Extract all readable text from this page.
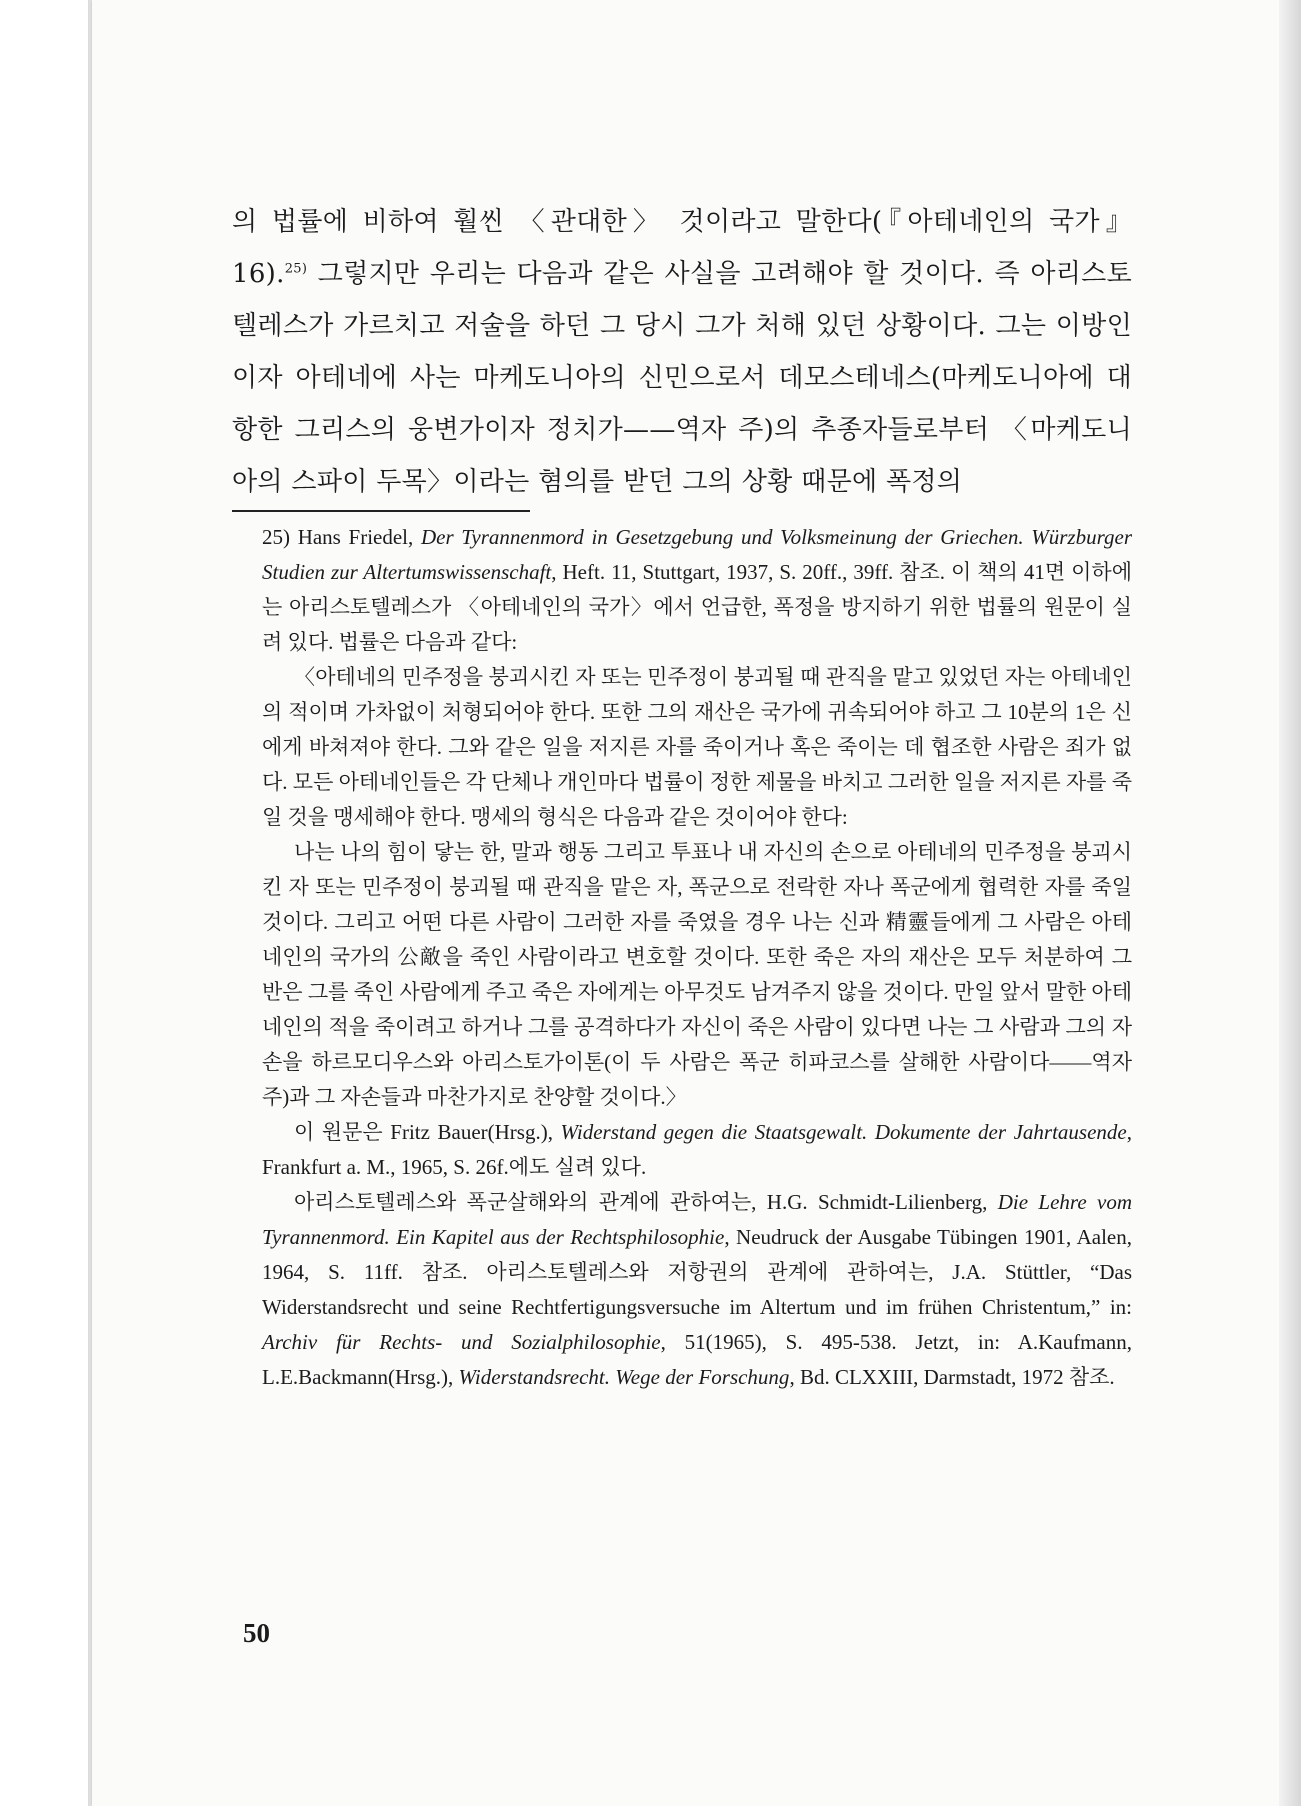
의 법률에 비하여 훨씬 〈관대한〉 것이라고 말한다(『아테네인의 국가』 16).$^{25)}$ 그렇지만 우리는 다음과 같은 사실을 고려해야 할 것이다. 즉 아리스토텔레스가 가르치고 저술을 하던 그 당시 그가 처해 있던 상황이다. 그는 이방인이자 아테네에 사는 마케도니아의 신민으로서 데모스테네스(마케도니아에 대항한 그리스의 웅변가이자 정치가——역자 주)의 추종자들로부터 〈마케도니아의 스파이 두목〉이라는 혐의를 받던 그의 상황 때문에 폭정의

25) Hans Friedel, Der Tyrannenmord in Gesetzgebung und Volksmeinung der Griechen. Würzburger Studien zur Altertumswissenschaft, Heft. 11, Stuttgart, 1937, S. 20ff., 39ff. 참조. 이 책의 41면 이하에는 아리스토텔레스가 〈아테네인의 국가〉에서 언급한, 폭정을 방지하기 위한 법률의 원문이 실려 있다. 법률은 다음과 같다:

〈아테네의 민주정을 붕괴시킨 자 또는 민주정이 붕괴될 때 관직을 맡고 있었던 자는 아테네인의 적이며 가차없이 처형되어야 한다. 또한 그의 재산은 국가에 귀속되어야 하고 그 10분의 1은 신에게 바쳐져야 한다. 그와 같은 일을 저지른 자를 죽이거나 혹은 죽이는 데 협조한 사람은 죄가 없다. 모든 아테네인들은 각 단체나 개인마다 법률이 정한 제물을 바치고 그러한 일을 저지른 자를 죽일 것을 맹세해야 한다. 맹세의 형식은 다음과 같은 것이어야 한다:

나는 나의 힘이 닿는 한, 말과 행동 그리고 투표나 내 자신의 손으로 아테네의 민주정을 붕괴시킨 자 또는 민주정이 붕괴될 때 관직을 맡은 자, 폭군으로 전락한 자나 폭군에게 협력한 자를 죽일 것이다. 그리고 어떤 다른 사람이 그러한 자를 죽였을 경우 나는 신과 精靈들에게 그 사람은 아테네인의 국가의 公敵을 죽인 사람이라고 변호할 것이다. 또한 죽은 자의 재산은 모두 처분하여 그 반은 그를 죽인 사람에게 주고 죽은 자에게는 아무것도 남겨주지 않을 것이다. 만일 앞서 말한 아테네인의 적을 죽이려고 하거나 그를 공격하다가 자신이 죽은 사람이 있다면 나는 그 사람과 그의 자손을 하르모디우스와 아리스토가이톤(이 두 사람은 폭군 히파코스를 살해한 사람이다——역자 주)과 그 자손들과 마찬가지로 찬양할 것이다.〉

이 원문은 Fritz Bauer(Hrsg.), Widerstand gegen die Staatsgewalt. Dokumente der Jahrtausende, Frankfurt a. M., 1965, S. 26f.에도 실려 있다.

아리스토텔레스와 폭군살해와의 관계에 관하여는, H.G. Schmidt-Lilienberg, Die Lehre vom Tyrannenmord. Ein Kapitel aus der Rechtsphilosophie, Neudruck der Ausgabe Tübingen 1901, Aalen, 1964, S. 11ff. 참조. 아리스토텔레스와 저항권의 관계에 관하여는, J.A. Stüttler, “Das Widerstandsrecht und seine Rechtfertigungsversuche im Altertum und im frühen Christentum,” in: Archiv für Rechts- und Sozialphilosophie, 51(1965), S. 495-538. Jetzt, in: A.Kaufmann, L.E.Backmann(Hrsg.), Widerstandsrecht. Wege der Forschung, Bd. CLXXIII, Darmstadt, 1972 참조.

50
